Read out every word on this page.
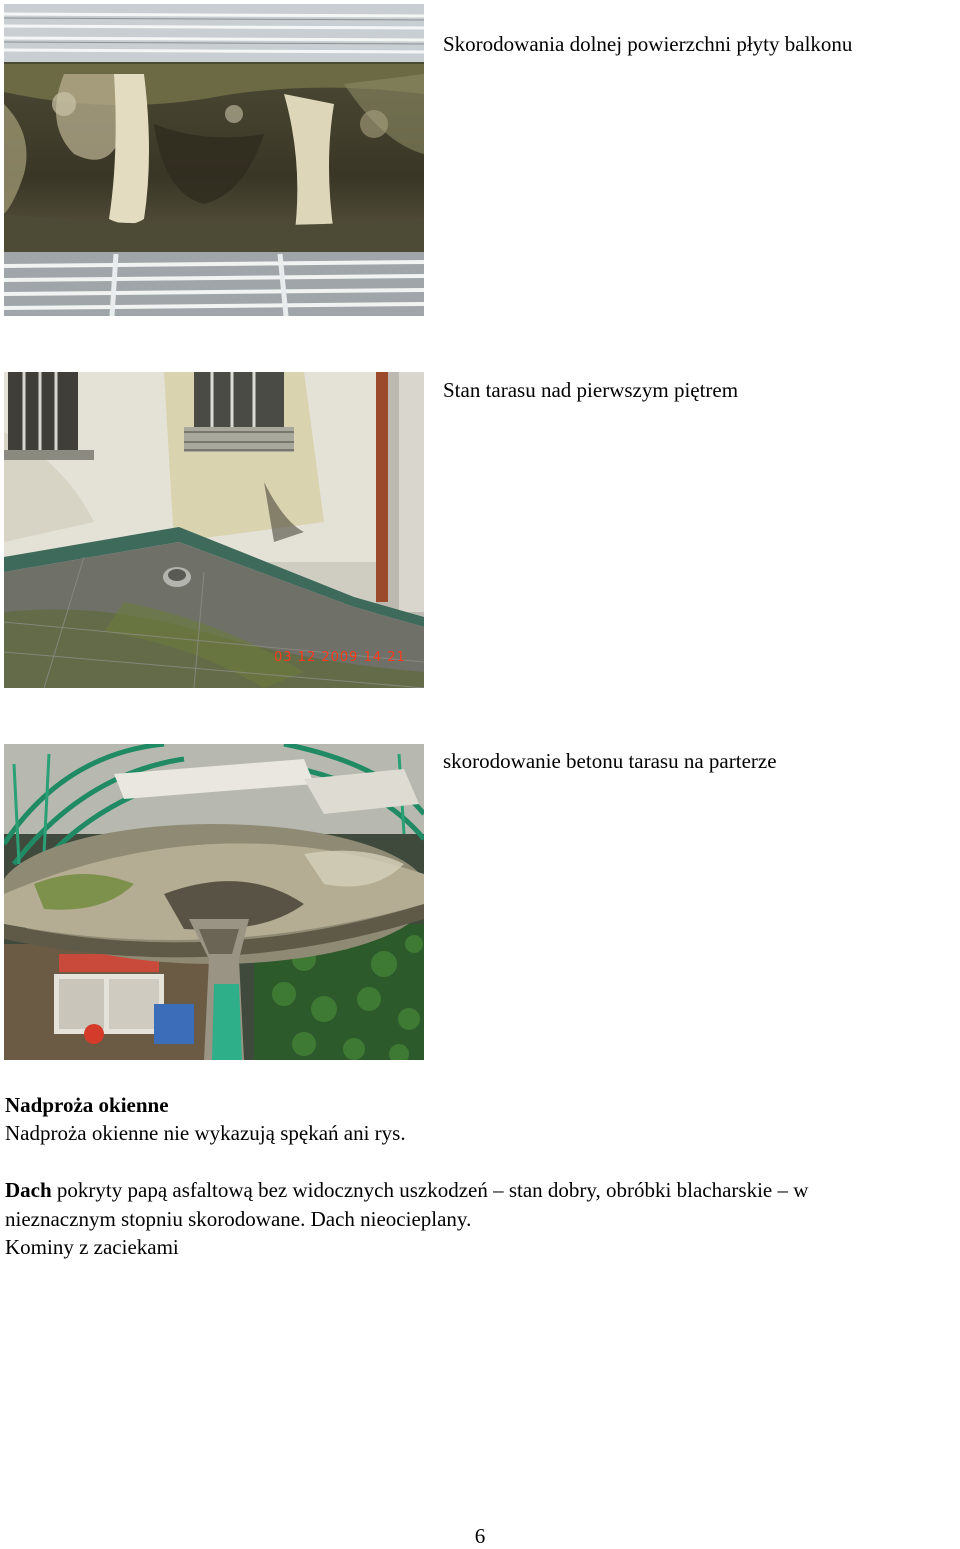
Skorodowania dolnej powierzchni płyty balkonu
03 12 2009 14 21
Stan tarasu nad pierwszym piętrem
skorodowanie betonu tarasu na parterze
Nadproża okienne
Nadproża okienne nie wykazują spękań ani rys.
Dach pokryty papą asfaltową bez widocznych uszkodzeń – stan dobry, obróbki blacharskie – w
nieznacznym stopniu skorodowane. Dach nieocieplany.
Kominy z zaciekami
6
